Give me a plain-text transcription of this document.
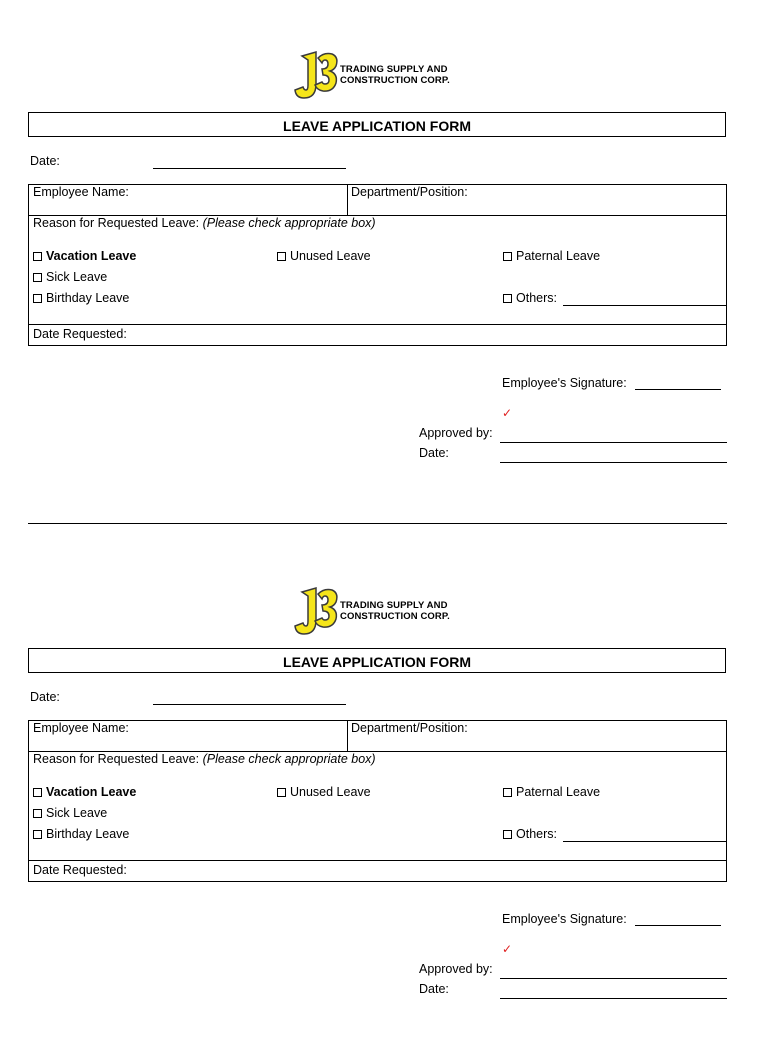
TRADING SUPPLY AND
CONSTRUCTION CORP.
LEAVE APPLICATION FORM
Date:
Employee Name:	Department/Position:
Reason for Requested Leave: (Please check appropriate box)
Vacation Leave	Unused Leave	Paternal Leave
Sick Leave
Birthday Leave	Others:
Date Requested:
Employee's Signature:
✓
Approved by:
Date:
TRADING SUPPLY AND
CONSTRUCTION CORP.
LEAVE APPLICATION FORM
Date:
Employee Name:	Department/Position:
Reason for Requested Leave: (Please check appropriate box)
Vacation Leave	Unused Leave	Paternal Leave
Sick Leave
Birthday Leave	Others:
Date Requested:
Employee's Signature:
✓
Approved by:
Date:
